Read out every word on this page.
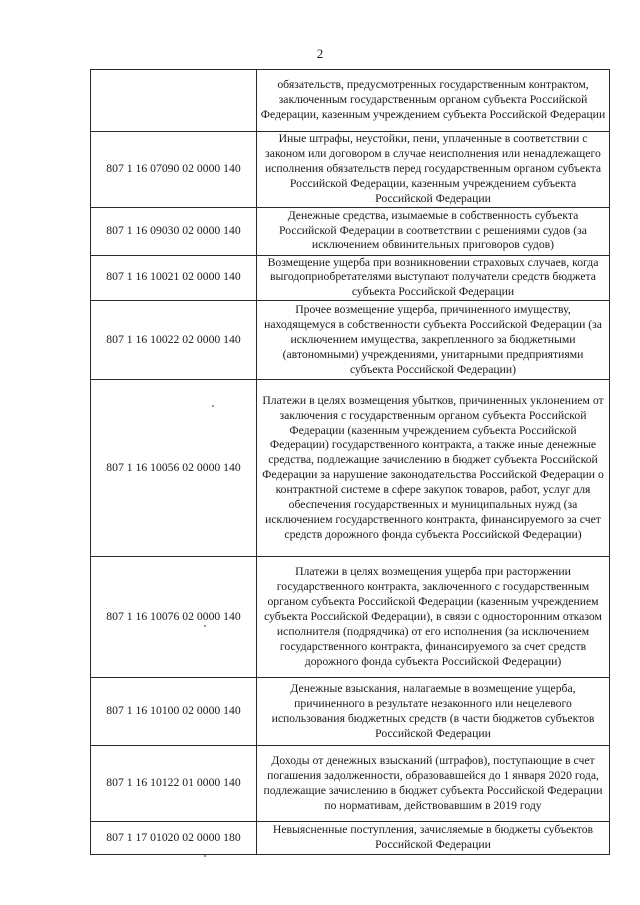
2
	обязательств, предусмотренных государственным контрактом, заключенным государственным органом субъекта Российской Федерации, казенным учреждением субъекта Российской Федерации
807 1 16 07090 02 0000 140	Иные штрафы, неустойки, пени, уплаченные в соответствии с законом или договором в случае неисполнения или ненадлежащего исполнения обязательств перед государственным органом субъекта Российской Федерации, казенным учреждением субъекта Российской Федерации
807 1 16 09030 02 0000 140	Денежные средства, изымаемые в собственность субъекта Российской Федерации в соответствии с решениями судов (за исключением обвинительных приговоров судов)
807 1 16 10021 02 0000 140	Возмещение ущерба при возникновении страховых случаев, когда выгодоприобретателями выступают получатели средств бюджета субъекта Российской Федерации
807 1 16 10022 02 0000 140	Прочее возмещение ущерба, причиненного имуществу, находящемуся в собственности субъекта Российской Федерации (за исключением имущества, закрепленного за бюджетными (автономными) учреждениями, унитарными предприятиями субъекта Российской Федерации)
807 1 16 10056 02 0000 140	Платежи в целях возмещения убытков, причиненных уклонением от заключения с государственным органом субъекта Российской Федерации (казенным учреждением субъекта Российской Федерации) государственного контракта, а также иные денежные средства, подлежащие зачислению в бюджет субъекта Российской Федерации за нарушение законодательства Российской Федерации о контрактной системе в сфере закупок товаров, работ, услуг для обеспечения государственных и муниципальных нужд (за исключением государственного контракта, финансируемого за счет средств дорожного фонда субъекта Российской Федерации)
807 1 16 10076 02 0000 140	Платежи в целях возмещения ущерба при расторжении государственного контракта, заключенного с государственным органом субъекта Российской Федерации (казенным учреждением субъекта Российской Федерации), в связи с односторонним отказом исполнителя (подрядчика) от его исполнения (за исключением государственного контракта, финансируемого за счет средств дорожного фонда субъекта Российской Федерации)
807 1 16 10100 02 0000 140	Денежные взыскания, налагаемые в возмещение ущерба, причиненного в результате незаконного или нецелевого использования бюджетных средств (в части бюджетов субъектов Российской Федерации
807 1 16 10122 01 0000 140	Доходы от денежных взысканий (штрафов), поступающие в счет погашения задолженности, образовавшейся до 1 января 2020 года, подлежащие зачислению в бюджет субъекта Российской Федерации по нормативам, действовавшим в 2019 году
807 1 17 01020 02 0000 180	Невыясненные поступления, зачисляемые в бюджеты субъектов Российской Федерации
